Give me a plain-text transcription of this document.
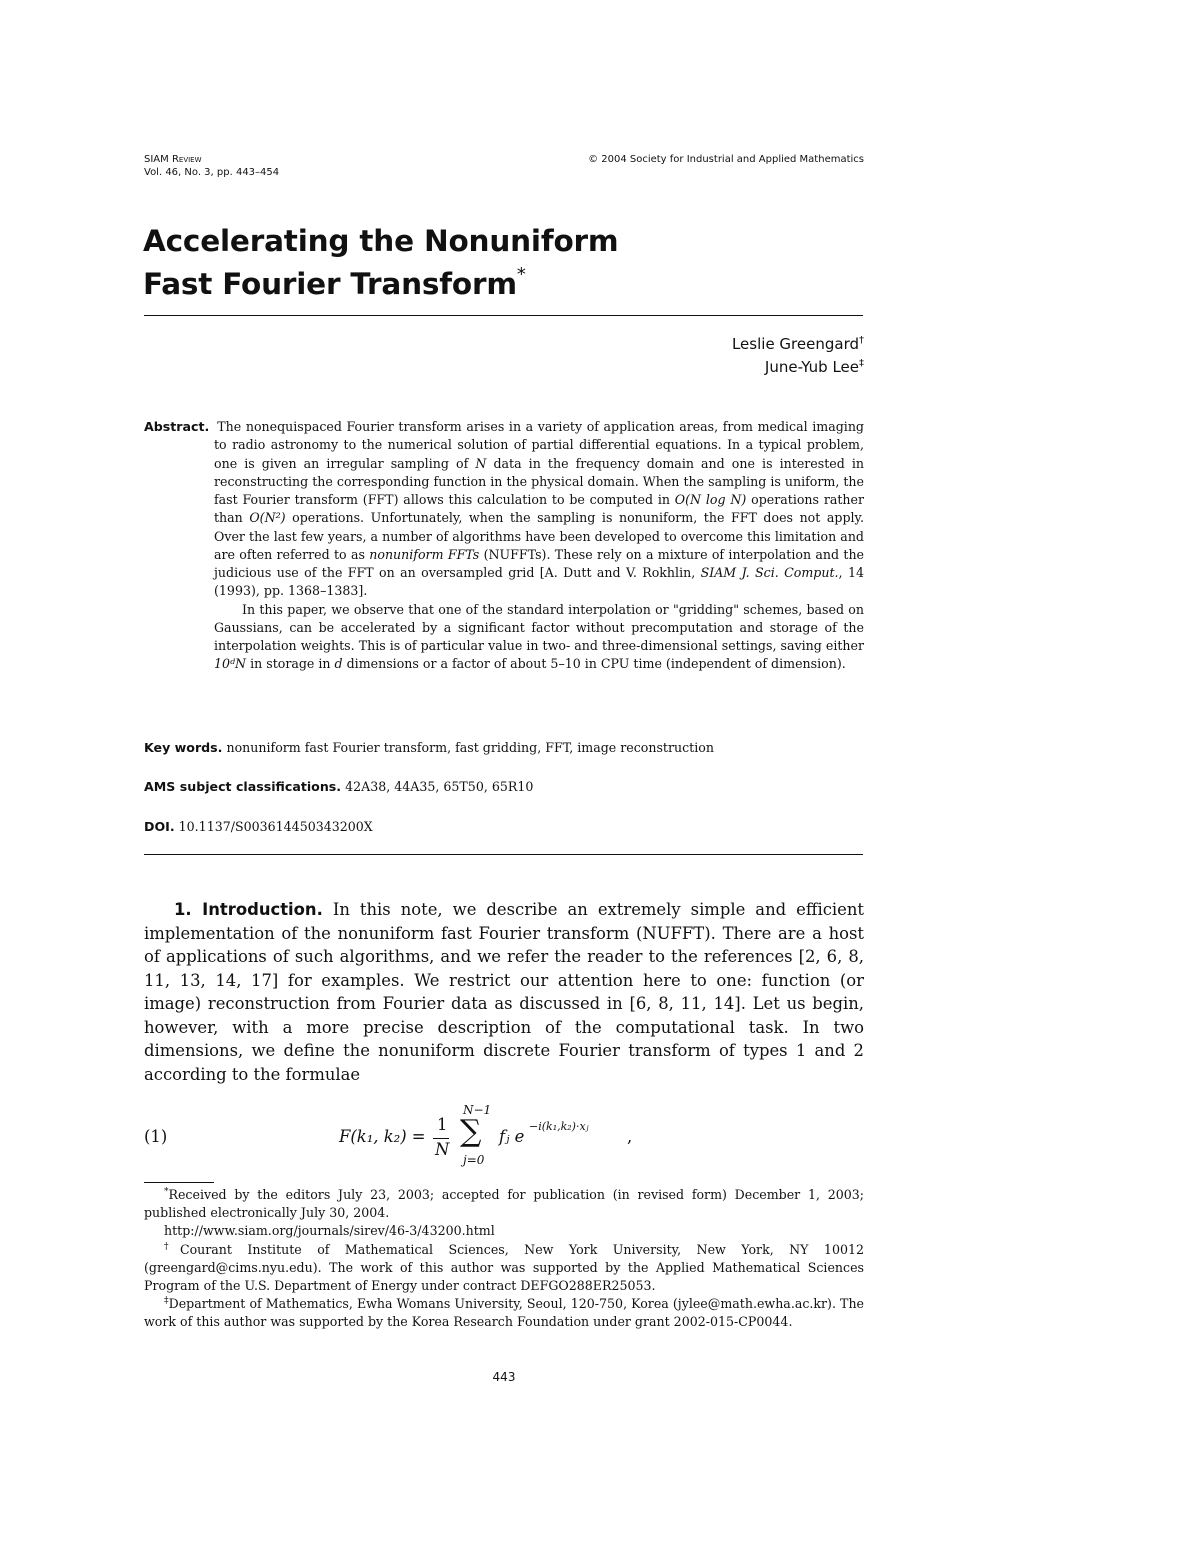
SIAM Review
Vol. 46, No. 3, pp. 443–454
© 2004 Society for Industrial and Applied Mathematics
Accelerating the Nonuniform
Fast Fourier Transform*
Leslie Greengard†
June-Yub Lee‡

Abstract. The nonequispaced Fourier transform arises in a variety of application areas, from medical imaging to radio astronomy to the numerical solution of partial differential equations. In a typical problem, one is given an irregular sampling of N data in the frequency domain and one is interested in reconstructing the corresponding function in the physical domain. When the sampling is uniform, the fast Fourier transform (FFT) allows this calculation to be computed in O(N log N) operations rather than O(N²) operations. Unfortunately, when the sampling is nonuniform, the FFT does not apply. Over the last few years, a number of algorithms have been developed to overcome this limitation and are often referred to as nonuniform FFTs (NUFFTs). These rely on a mixture of interpolation and the judicious use of the FFT on an oversampled grid [A. Dutt and V. Rokhlin, SIAM J. Sci. Comput., 14 (1993), pp. 1368–1383].

In this paper, we observe that one of the standard interpolation or "gridding" schemes, based on Gaussians, can be accelerated by a significant factor without precomputation and storage of the interpolation weights. This is of particular value in two- and three-dimensional settings, saving either 10ᵈN in storage in d dimensions or a factor of about 5–10 in CPU time (independent of dimension).

Key words. nonuniform fast Fourier transform, fast gridding, FFT, image reconstruction
AMS subject classifications. 42A38, 44A35, 65T50, 65R10
DOI. 10.1137/S003614450343200X

1. Introduction. In this note, we describe an extremely simple and efficient implementation of the nonuniform fast Fourier transform (NUFFT). There are a host of applications of such algorithms, and we refer the reader to the references [2, 6, 8, 11, 13, 14, 17] for examples. We restrict our attention here to one: function (or image) reconstruction from Fourier data as discussed in [6, 8, 11, 14]. Let us begin, however, with a more precise description of the computational task. In two dimensions, we define the nonuniform discrete Fourier transform of types 1 and 2 according to the formulae

(1)	F(k₁, k₂) =
1
N
N−1
∑
j=0
fⱼ e
−i(k₁,k₂)·xⱼ
,

*Received by the editors July 23, 2003; accepted for publication (in revised form) December 1, 2003; published electronically July 30, 2004.

http://www.siam.org/journals/sirev/46-3/43200.html

†Courant Institute of Mathematical Sciences, New York University, New York, NY 10012 (greengard@cims.nyu.edu). The work of this author was supported by the Applied Mathematical Sciences Program of the U.S. Department of Energy under contract DEFGO288ER25053.

‡Department of Mathematics, Ewha Womans University, Seoul, 120-750, Korea (jylee@math.ewha.ac.kr). The work of this author was supported by the Korea Research Foundation under grant 2002-015-CP0044.

443
